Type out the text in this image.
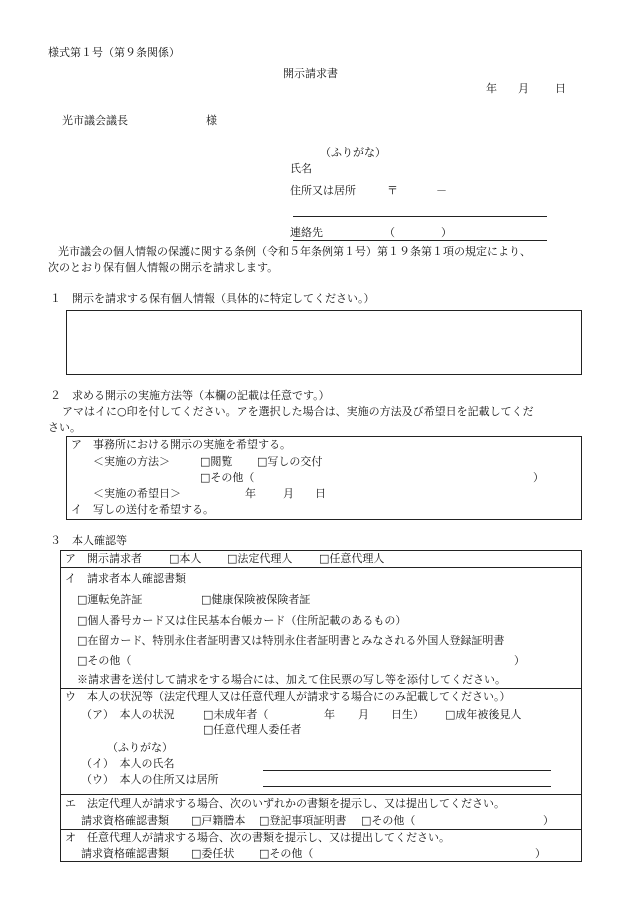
様式第１号（第９条関係）
開示請求書
年 月 日
光市議会議長	様
（ふりがな）
氏名
住所又は居所	〒	－
連絡先	（	）
光市議会の個人情報の保護に関する条例（令和５年条例第１号）第１９条第１項の規定により、
次のとおり保有個人情報の開示を請求します。
１ 開示を請求する保有個人情報（具体的に特定してください。）
２ 求める開示の実施方法等（本欄の記載は任意です。）
アマはイに○印を付してください。アを選択した場合は、実施の方法及び希望日を記載してくだ
さい。
ア　事務所における開示の実施を希望する。
＜実施の方法＞	□閲覧 □写しの交付
□その他（	）
＜実施の希望日＞	年 月 日
イ　写しの送付を希望する。
３ 本人確認等
ア　開示請求者 □本人 □法定代理人 □任意代理人
イ　請求者本人確認書類
□運転免許証	□健康保険被保険者証
□個人番号カード又は住民基本台帳カード（住所記載のあるもの）
□在留カード、特別永住者証明書又は特別永住者証明書とみなされる外国人登録証明書
□その他（	）
※請求書を送付して請求をする場合には、加えて住民票の写し等を添付してください。
ウ　本人の状況等（法定代理人又は任意代理人が請求する場合にのみ記載してください。）
（ア）　本人の状況	□未成年者（	年 月 日生） □成年被後見人
□任意代理人委任者
（ふりがな）
（イ）　本人の氏名
（ウ）　本人の住所又は居所
エ　法定代理人が請求する場合、次のいずれかの書類を提示し、又は提出してください。
請求資格確認書類 □戸籍謄本 □登記事項証明書 □その他（	）
オ　任意代理人が請求する場合、次の書類を提示し、又は提出してください。
請求資格確認書類 □委任状 □その他（	）
